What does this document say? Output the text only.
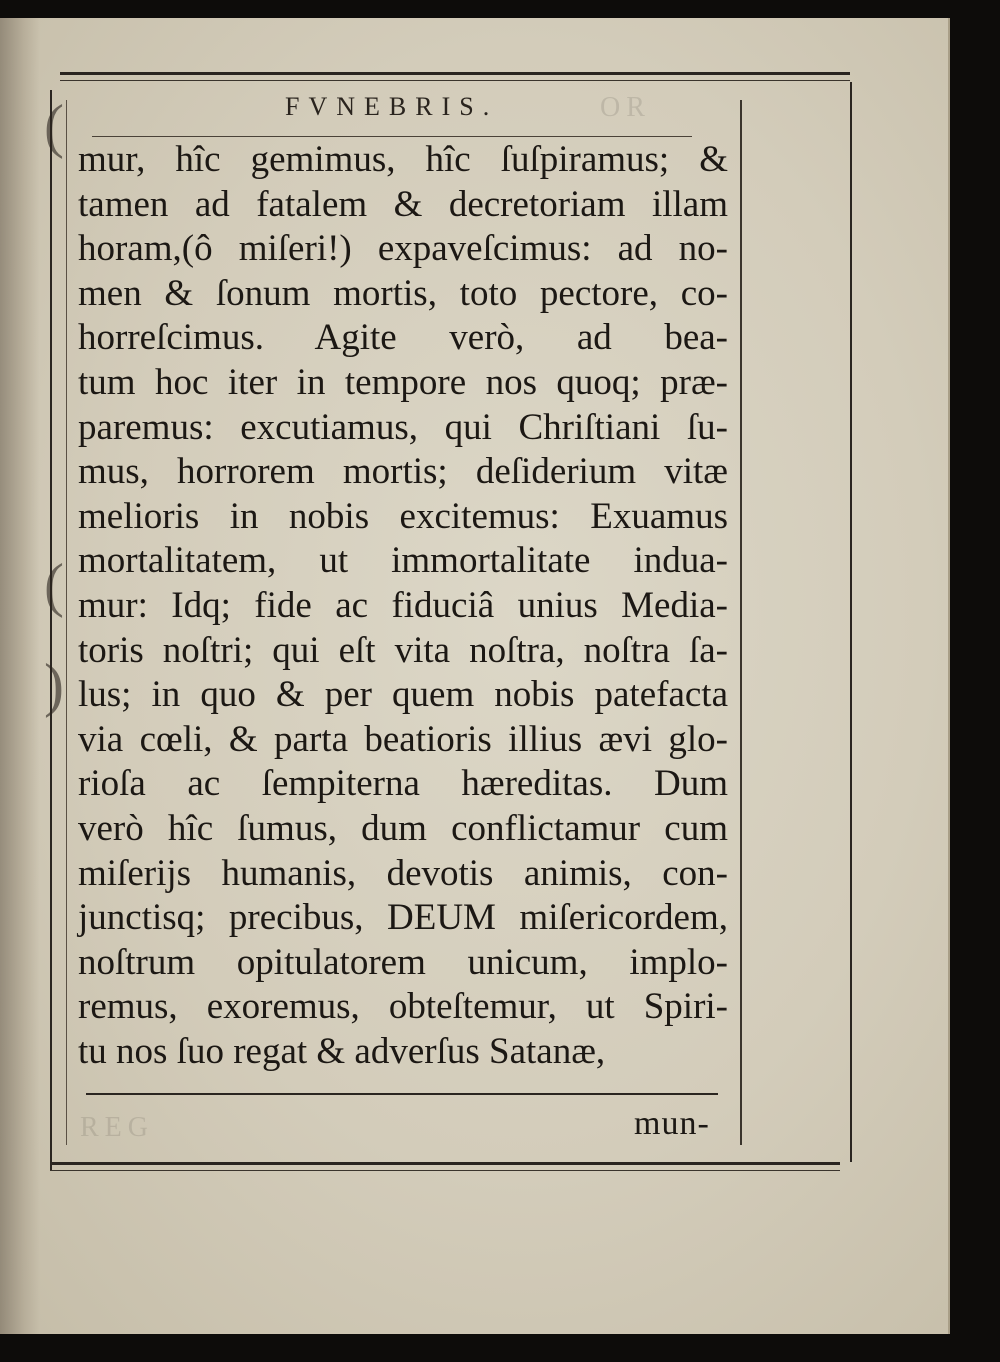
OR
REG
(
(
)
FVNEBRIS.
mur, hîc gemimus, hîc ſuſpiramus; &
tamen ad fatalem & decretoriam illam
horam,(ô miſeri!) expaveſcimus: ad no-
men & ſonum mortis, toto pectore, co-
horreſcimus. Agite verò, ad bea-
tum hoc iter in tempore nos quoq; præ-
paremus: excutiamus, qui Chriſtiani ſu-
mus, horrorem mortis; deſiderium vitæ
melioris in nobis excitemus: Exuamus
mortalitatem, ut immortalitate indua-
mur: Idq; fide ac fiduciâ unius Media-
toris noſtri; qui eſt vita noſtra, noſtra ſa-
lus; in quo & per quem nobis patefacta
via cœli, & parta beatioris illius ævi glo-
rioſa ac ſempiterna hæreditas. Dum
verò hîc ſumus, dum conflictamur cum
miſerijs humanis, devotis animis, con-
junctisq; precibus, DEUM miſericordem,
noſtrum opitulatorem unicum, implo-
remus, exoremus, obteſtemur, ut Spiri-
tu nos ſuo regat & adverſus Satanæ,
mun-
